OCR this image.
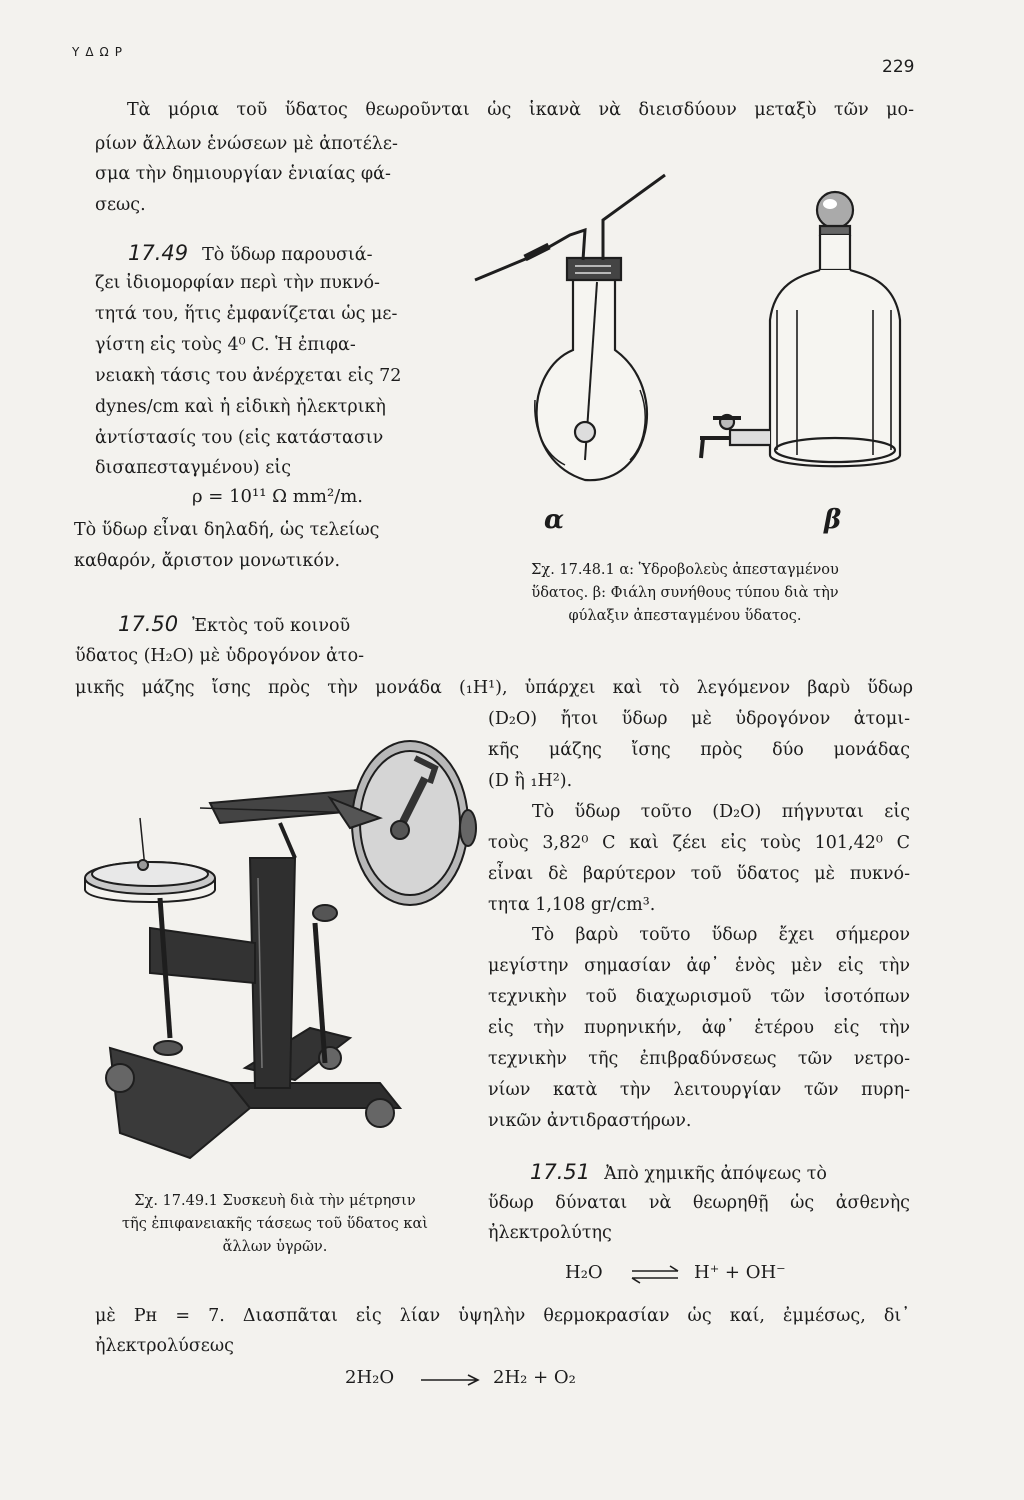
ΥΔΩΡ
229
Τὰ μόρια τοῦ ὕδατος θεωροῦνται ὡς ἱκανὰ νὰ διεισδύουν μεταξὺ τῶν μο-
ρίων ἄλλων ἑνώσεων μὲ ἀποτέλε-
σμα τὴν δημιουργίαν ἑνιαίας φά-
σεως.
17.49 Τὸ ὕδωρ παρουσιά-
ζει ἰδιομορφίαν περὶ τὴν πυκνό-
τητά του, ἥτις ἐμφανίζεται ὡς με-
γίστη εἰς τοὺς 4⁰ C. Ἡ ἐπιφα-
νειακὴ τάσις του ἀνέρχεται εἰς 72
dynes/cm καὶ ἡ εἰδικὴ ἠλεκτρικὴ
ἀντίστασίς του (εἰς κατάστασιν
δισαπεσταγμένου) εἰς
ρ = 10¹¹ Ω mm²/m.
Τὸ ὕδωρ εἶναι δηλαδή, ὡς τελείως
καθαρόν, ἄριστον μονωτικόν.
α	β
Σχ. 17.48.1 α: Ὑδροβολεὺς ἀπεσταγμένου
ὕδατος. β: Φιάλη συνήθους τύπου διὰ τὴν
φύλαξιν ἀπεσταγμένου ὕδατος.
17.50 Ἐκτὸς τοῦ κοινοῦ
ὕδατος (H₂O) μὲ ὑδρογόνον ἀτο-
μικῆς μάζης ἴσης πρὸς τὴν μονάδα (₁H¹), ὑπάρχει καὶ τὸ λεγόμενον βαρὺ ὕδωρ
(D₂O) ἤτοι ὕδωρ μὲ ὑδρογόνον ἀτομι-
κῆς μάζης ἴσης πρὸς δύο μονάδας
(D ἢ ₁H²).
Τὸ ὕδωρ τοῦτο (D₂O) πήγνυται εἰς
τοὺς 3,82⁰ C καὶ ζέει εἰς τοὺς 101,42⁰ C
εἶναι δὲ βαρύτερον τοῦ ὕδατος μὲ πυκνό-
τητα 1,108 gr/cm³.
Τὸ βαρὺ τοῦτο ὕδωρ ἔχει σήμερον
μεγίστην σημασίαν ἀφ᾿ ἑνὸς μὲν εἰς τὴν
τεχνικὴν τοῦ διαχωρισμοῦ τῶν ἰσοτόπων
εἰς τὴν πυρηνικήν, ἀφ᾿ ἑτέρου εἰς τὴν
τεχνικὴν τῆς ἐπιβραδύνσεως τῶν νετρο-
νίων κατὰ τὴν λειτουργίαν τῶν πυρη-
νικῶν ἀντιδραστήρων.
Σχ. 17.49.1 Συσκευὴ διὰ τὴν μέτρησιν
τῆς ἐπιφανειακῆς τάσεως τοῦ ὕδατος καὶ
ἄλλων ὑγρῶν.
17.51 Ἀπὸ χημικῆς ἀπόψεως τὸ
ὕδωρ δύναται νὰ θεωρηθῇ ὡς ἀσθενὴς
ἠλεκτρολύτης
H₂O ⇌ H⁺ + OH⁻
μὲ Pн = 7. Διασπᾶται εἰς λίαν ὑψηλὴν θερμοκρασίαν ὡς καί, ἐμμέσως, δι᾿
ἠλεκτρολύσεως
2H₂O → 2H₂ + O₂
